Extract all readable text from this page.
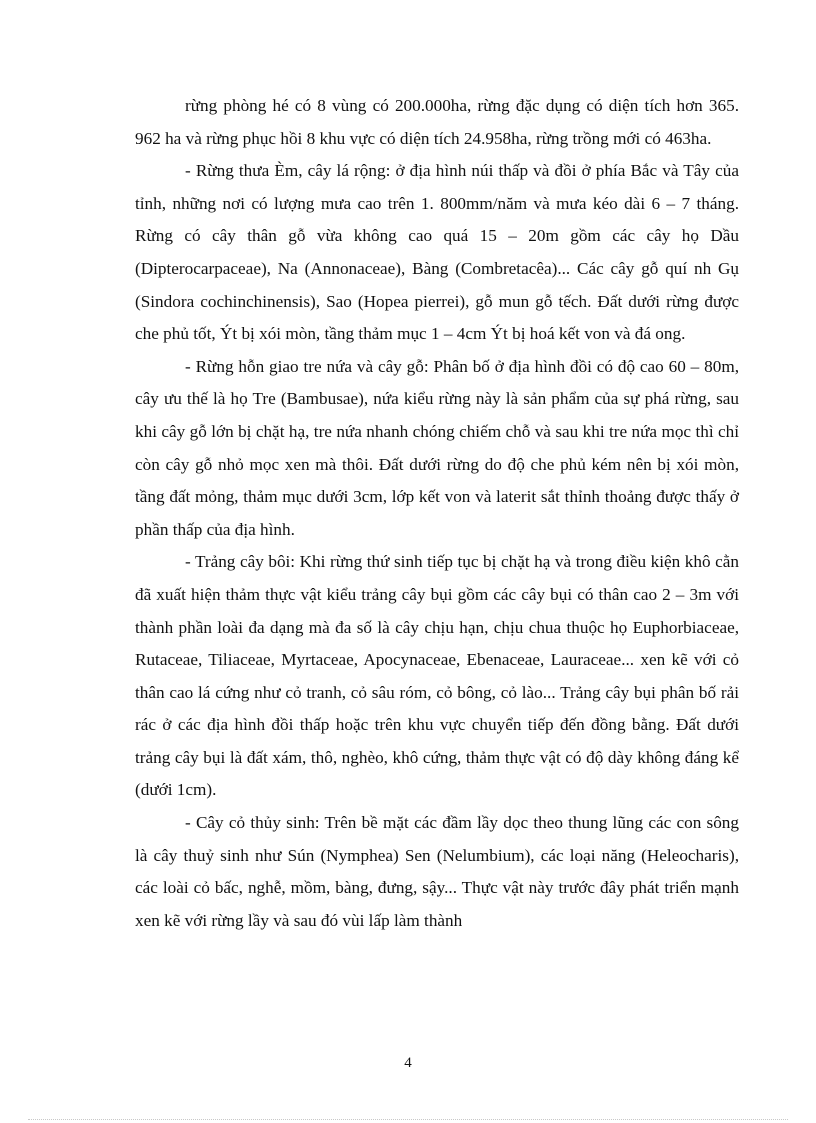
rừng phòng hé có 8 vùng có 200.000ha, rừng đặc dụng có diện tích hơn 365. 962 ha và rừng phục hồi 8 khu vực có diện tích 24.958ha, rừng trồng mới có 463ha.

- Rừng thưa Èm, cây lá rộng: ở địa hình núi thấp và đồi ở phía Bắc và Tây của tỉnh, những nơi có lượng mưa cao trên 1. 800mm/năm và mưa kéo dài 6 – 7 tháng. Rừng có cây thân gỗ vừa không cao quá 15 – 20m gồm các cây họ Dầu (Dipterocarpaceae), Na (Annonaceae), Bàng (Combretacêa)... Các cây gỗ quí nh Gụ (Sindora cochinchinensis), Sao (Hopea pierrei), gỗ mun gỗ tếch. Đất dưới rừng được che phủ tốt, Ýt bị xói mòn, tầng thảm mục 1 – 4cm Ýt bị hoá kết von và đá ong.

- Rừng hỗn giao tre nứa và cây gỗ: Phân bố ở địa hình đồi có độ cao 60 – 80m, cây ưu thế là họ Tre (Bambusae), nứa kiểu rừng này là sản phẩm của sự phá rừng, sau khi cây gỗ lớn bị chặt hạ, tre nứa nhanh chóng chiếm chỗ và sau khi tre nứa mọc thì chỉ còn cây gỗ nhỏ mọc xen mà thôi. Đất dưới rừng do độ che phủ kém nên bị xói mòn, tầng đất mỏng, thảm mục dưới 3cm, lớp kết von và laterit sắt thỉnh thoảng được thấy ở phần thấp của địa hình.

- Trảng cây bôi: Khi rừng thứ sinh tiếp tục bị chặt hạ và trong điều kiện khô cằn đã xuất hiện thảm thực vật kiểu trảng cây bụi gồm các cây bụi có thân cao 2 – 3m với thành phần loài đa dạng mà đa số là cây chịu hạn, chịu chua thuộc họ Euphorbiaceae, Rutaceae, Tiliaceae, Myrtaceae, Apocynaceae, Ebenaceae, Lauraceae... xen kẽ với cỏ thân cao lá cứng như cỏ tranh, cỏ sâu róm, cỏ bông, cỏ lào... Trảng cây bụi phân bố rải rác ở các địa hình đồi thấp hoặc trên khu vực chuyển tiếp đến đồng bằng. Đất dưới trảng cây bụi là đất xám, thô, nghèo, khô cứng, thảm thực vật có độ dày không đáng kể (dưới 1cm).

- Cây cỏ thủy sinh: Trên bề mặt các đầm lầy dọc theo thung lũng các con sông là cây thuỷ sinh như Sún (Nymphea) Sen (Nelumbium), các loại năng (Heleocharis), các loài cỏ bấc, nghễ, mồm, bàng, đưng, sậy... Thực vật này trước đây phát triển mạnh xen kẽ với rừng lầy và sau đó vùi lấp làm thành

4
